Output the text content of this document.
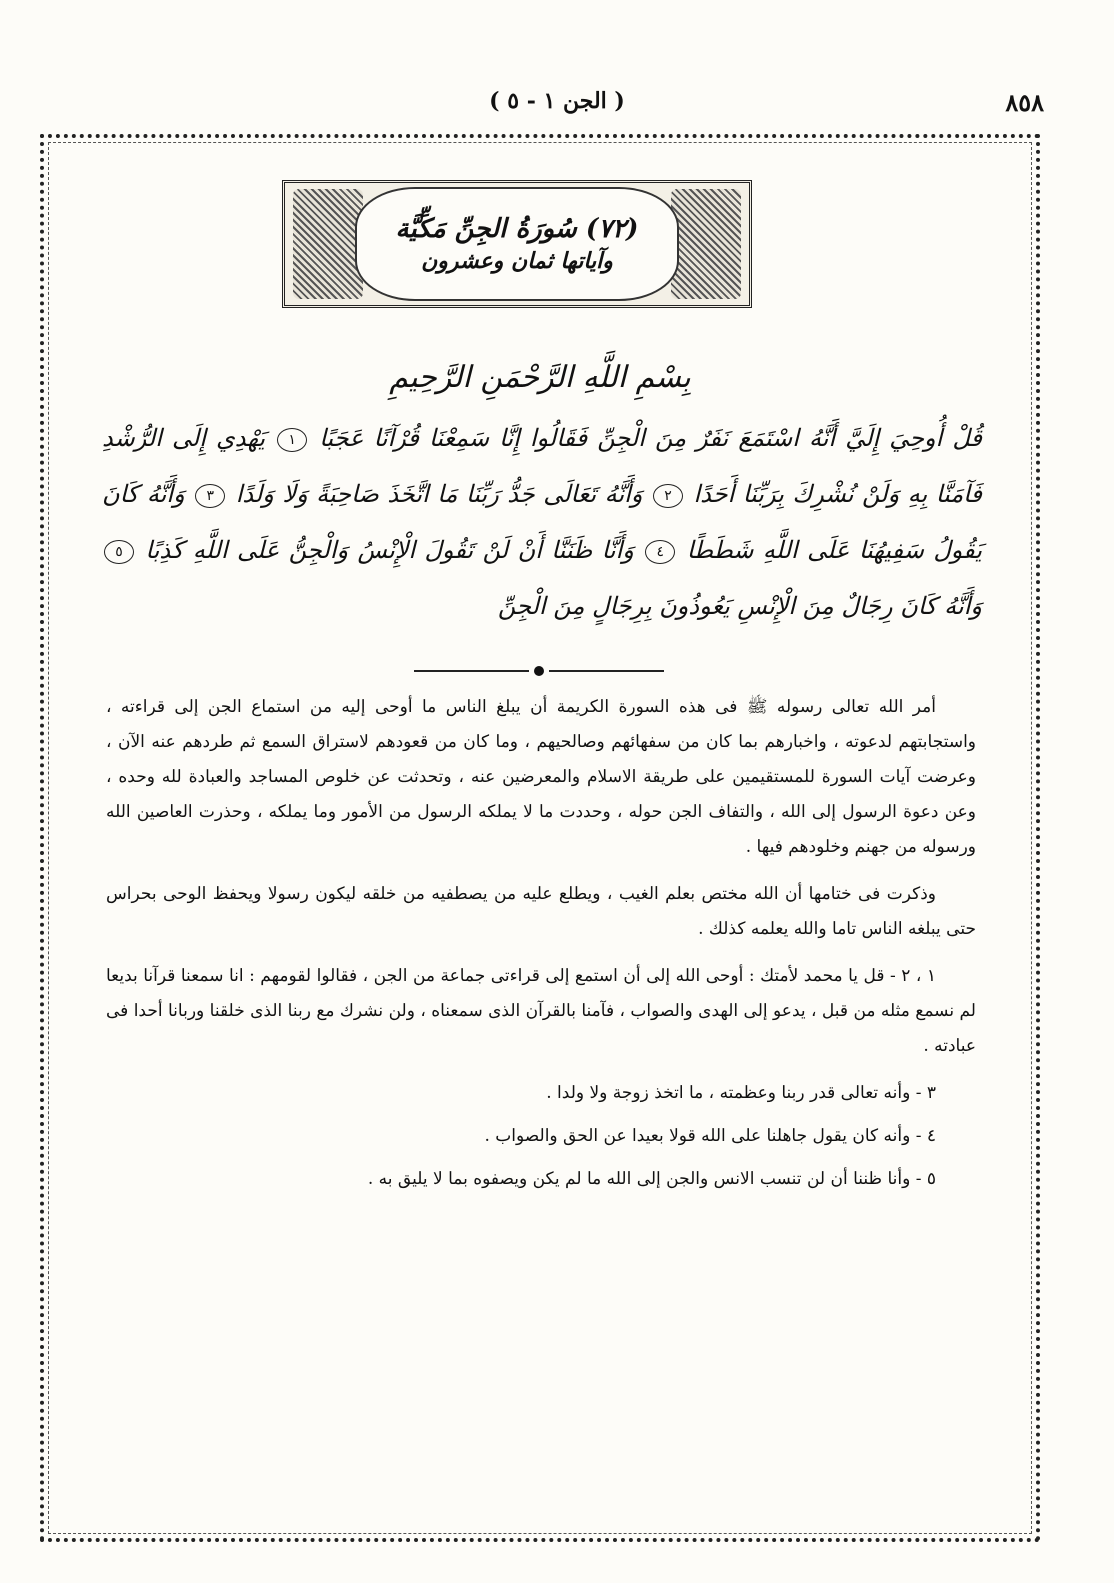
٨٥٨
( الجن ١ - ٥ )
(٧٢) سُورَةُ الجِنِّ مَكِّيَّة
وآياتها ثمان وعشرون
بِسْمِ اللَّهِ الرَّحْمَنِ الرَّحِيمِ
قُلْ أُوحِيَ إِلَيَّ أَنَّهُ اسْتَمَعَ نَفَرٌ مِنَ الْجِنِّ فَقَالُوا إِنَّا سَمِعْنَا قُرْآنًا عَجَبًا ١ يَهْدِي إِلَى الرُّشْدِ فَآمَنَّا بِهِ وَلَنْ نُشْرِكَ بِرَبِّنَا أَحَدًا ٢ وَأَنَّهُ تَعَالَى جَدُّ رَبِّنَا مَا اتَّخَذَ صَاحِبَةً وَلَا وَلَدًا ٣ وَأَنَّهُ كَانَ يَقُولُ سَفِيهُنَا عَلَى اللَّهِ شَطَطًا ٤ وَأَنَّا ظَنَنَّا أَنْ لَنْ تَقُولَ الْإِنْسُ وَالْجِنُّ عَلَى اللَّهِ كَذِبًا ٥ وَأَنَّهُ كَانَ رِجَالٌ مِنَ الْإِنْسِ يَعُوذُونَ بِرِجَالٍ مِنَ الْجِنِّ

أمر الله تعالى رسوله ﷺ فى هذه السورة الكريمة أن يبلغ الناس ما أوحى إليه من استماع الجن إلى قراءته ، واستجابتهم لدعوته ، واخبارهم بما كان من سفهائهم وصالحيهم ، وما كان من قعودهم لاستراق السمع ثم طردهم عنه الآن ، وعرضت آيات السورة للمستقيمين على طريقة الاسلام والمعرضين عنه ، وتحدثت عن خلوص المساجد والعبادة لله وحده ، وعن دعوة الرسول إلى الله ، والتفاف الجن حوله ، وحددت ما لا يملكه الرسول من الأمور وما يملكه ، وحذرت العاصين الله ورسوله من جهنم وخلودهم فيها .

وذكرت فى ختامها أن الله مختص بعلم الغيب ، ويطلع عليه من يصطفيه من خلقه ليكون رسولا ويحفظ الوحى بحراس حتى يبلغه الناس تاما والله يعلمه كذلك .

١ ، ٢ - قل يا محمد لأمتك : أوحى الله إلى أن استمع إلى قراءتى جماعة من الجن ، فقالوا لقومهم : انا سمعنا قرآنا بديعا لم نسمع مثله من قبل ، يدعو إلى الهدى والصواب ، فآمنا بالقرآن الذى سمعناه ، ولن نشرك مع ربنا الذى خلقنا وربانا أحدا فى عبادته .

٣ - وأنه تعالى قدر ربنا وعظمته ، ما اتخذ زوجة ولا ولدا .

٤ - وأنه كان يقول جاهلنا على الله قولا بعيدا عن الحق والصواب .

٥ - وأنا ظننا أن لن تنسب الانس والجن إلى الله ما لم يكن ويصفوه بما لا يليق به .
